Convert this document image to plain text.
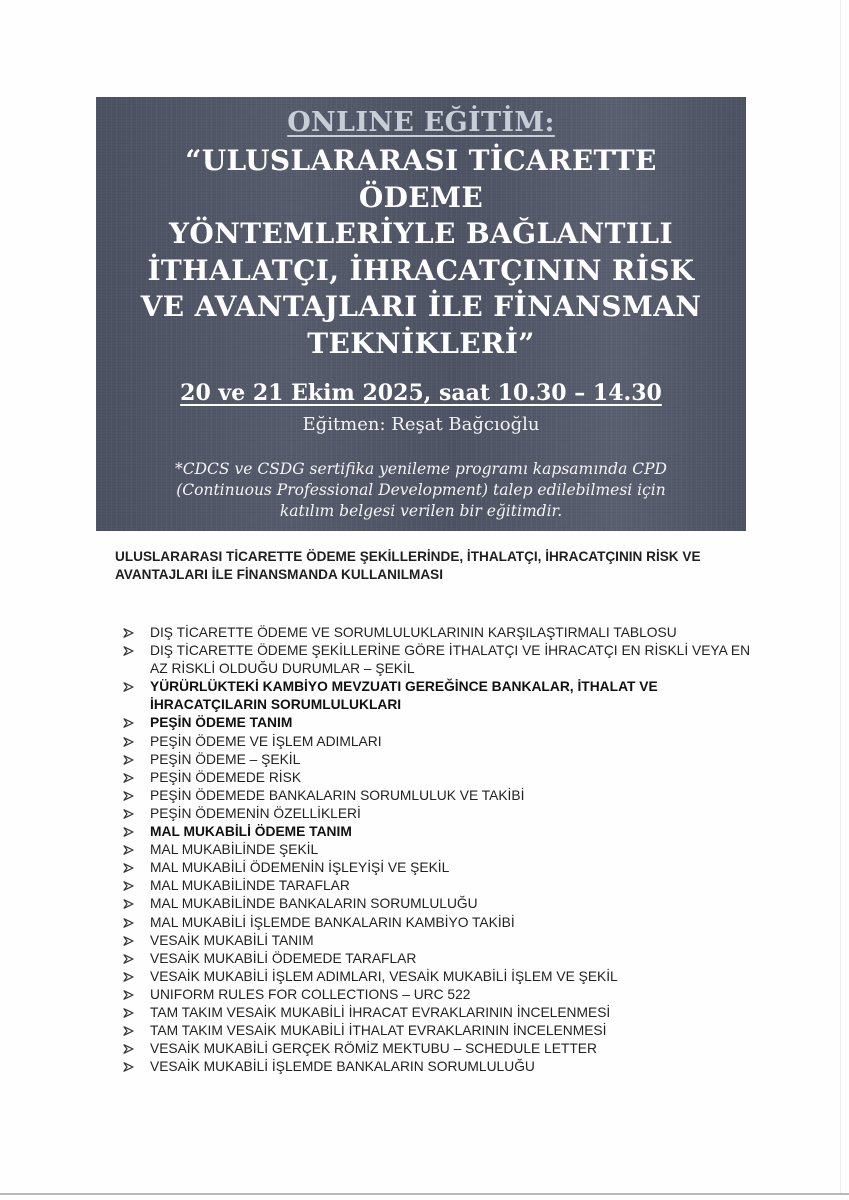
ONLINE EĞİTİM:
“ULUSLARARASI TİCARETTE
ÖDEME
YÖNTEMLERİYLE BAĞLANTILI
İTHALATÇI, İHRACATÇININ RİSK
VE AVANTAJLARI İLE FİNANSMAN
TEKNİKLERİ”
20 ve 21 Ekim 2025, saat 10.30 – 14.30
Eğitmen: Reşat Bağcıoğlu
*CDCS ve CSDG sertifika yenileme programı kapsamında CPD
(Continuous Professional Development) talep edilebilmesi için
katılım belgesi verilen bir eğitimdir.
ULUSLARARASI TİCARETTE ÖDEME ŞEKİLLERİNDE, İTHALATÇI, İHRACATÇININ RİSK VE AVANTAJLARI İLE FİNANSMANDA KULLANILMASI
DIŞ TİCARETTE ÖDEME VE SORUMLULUKLARININ KARŞILAŞTIRMALI TABLOSU
DIŞ TİCARETTE ÖDEME ŞEKİLLERİNE GÖRE İTHALATÇI VE İHRACATÇI EN RİSKLİ VEYA EN AZ RİSKLİ OLDUĞU DURUMLAR – ŞEKİL
YÜRÜRLÜKTEKİ KAMBİYO MEVZUATI GEREĞİNCE BANKALAR, İTHALAT VE İHRACATÇILARIN SORUMLULUKLARI
PEŞİN ÖDEME TANIM
PEŞİN ÖDEME VE İŞLEM ADIMLARI
PEŞİN ÖDEME – ŞEKİL
PEŞİN ÖDEMEDE RİSK
PEŞİN ÖDEMEDE BANKALARIN SORUMLULUK VE TAKİBİ
PEŞİN ÖDEMENİN ÖZELLİKLERİ
MAL MUKABİLİ ÖDEME TANIM
MAL MUKABİLİNDE ŞEKİL
MAL MUKABİLİ ÖDEMENİN İŞLEYİŞİ VE ŞEKİL
MAL MUKABİLİNDE TARAFLAR
MAL MUKABİLİNDE BANKALARIN SORUMLULUĞU
MAL MUKABİLİ İŞLEMDE BANKALARIN KAMBİYO TAKİBİ
VESAİK MUKABİLİ TANIM
VESAİK MUKABİLİ ÖDEMEDE TARAFLAR
VESAİK MUKABİLİ İŞLEM ADIMLARI, VESAİK MUKABİLİ İŞLEM VE ŞEKİL
UNIFORM RULES FOR COLLECTIONS – URC 522
TAM TAKIM VESAİK MUKABİLİ İHRACAT EVRAKLARININ İNCELENMESİ
TAM TAKIM VESAİK MUKABİLİ İTHALAT EVRAKLARININ İNCELENMESİ
VESAİK MUKABİLİ GERÇEK RÖMİZ MEKTUBU – SCHEDULE LETTER
VESAİK MUKABİLİ İŞLEMDE BANKALARIN SORUMLULUĞU
